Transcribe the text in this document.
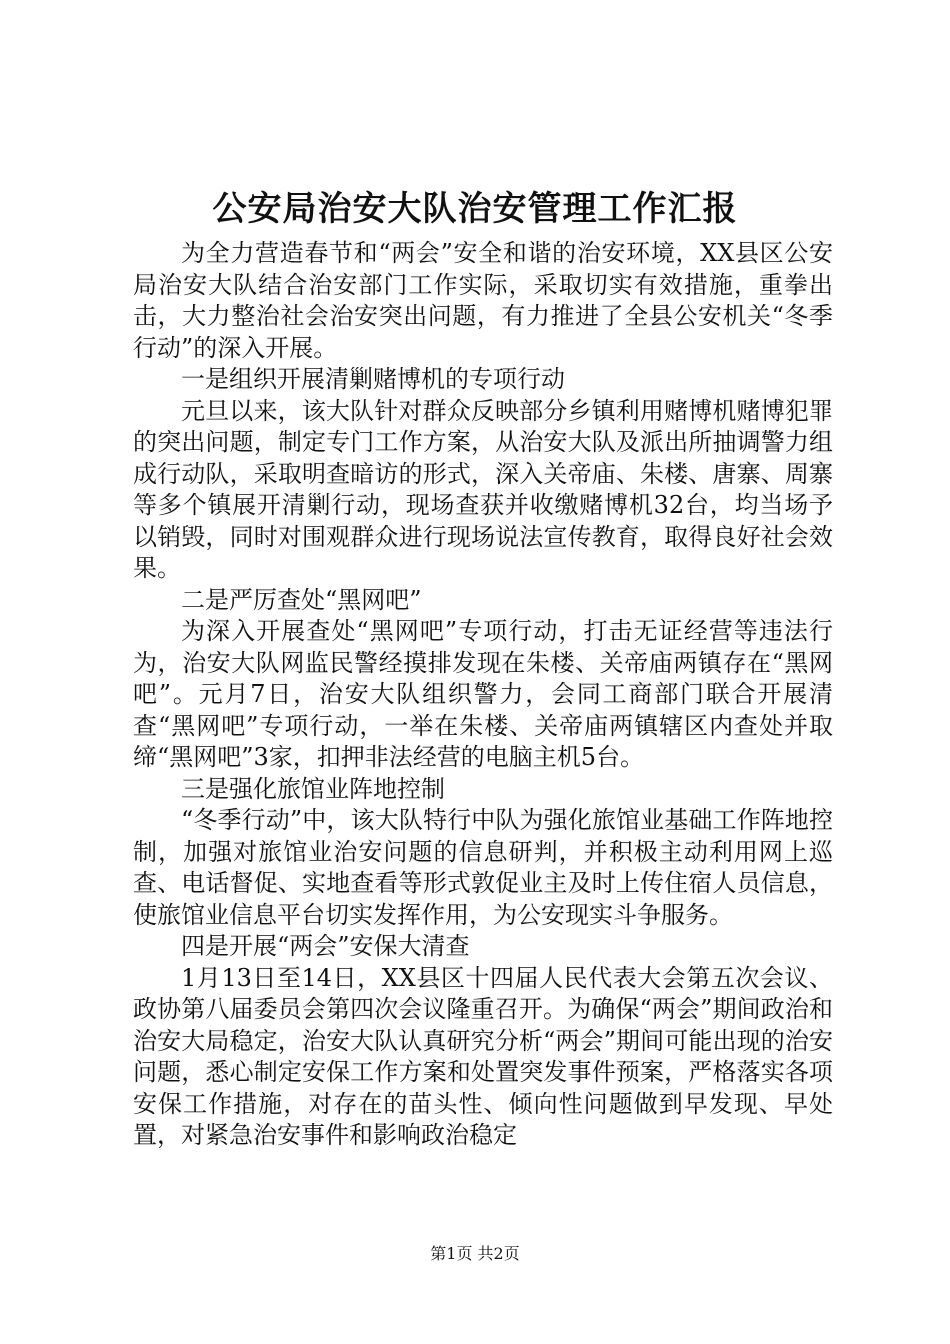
公安局治安大队治安管理工作汇报

为全力营造春节和“两会”安全和谐的治安环境，XX县区公安局治安大队结合治安部门工作实际，采取切实有效措施，重拳出击，大力整治社会治安突出问题，有力推进了全县公安机关“冬季行动”的深入开展。

一是组织开展清剿赌博机的专项行动

元旦以来，该大队针对群众反映部分乡镇利用赌博机赌博犯罪的突出问题，制定专门工作方案，从治安大队及派出所抽调警力组成行动队，采取明查暗访的形式，深入关帝庙、朱楼、唐寨、周寨等多个镇展开清剿行动，现场查获并收缴赌博机32台，均当场予以销毁，同时对围观群众进行现场说法宣传教育，取得良好社会效果。

二是严厉查处“黑网吧”

为深入开展查处“黑网吧”专项行动，打击无证经营等违法行为，治安大队网监民警经摸排发现在朱楼、关帝庙两镇存在“黑网吧”。元月7日，治安大队组织警力，会同工商部门联合开展清查“黑网吧”专项行动，一举在朱楼、关帝庙两镇辖区内查处并取缔“黑网吧”3家，扣押非法经营的电脑主机5台。

三是强化旅馆业阵地控制

“冬季行动”中，该大队特行中队为强化旅馆业基础工作阵地控制，加强对旅馆业治安问题的信息研判，并积极主动利用网上巡查、电话督促、实地查看等形式敦促业主及时上传住宿人员信息，使旅馆业信息平台切实发挥作用，为公安现实斗争服务。

四是开展“两会”安保大清查

1月13日至14日，XX县区十四届人民代表大会第五次会议、政协第八届委员会第四次会议隆重召开。为确保“两会”期间政治和治安大局稳定，治安大队认真研究分析“两会”期间可能出现的治安问题，悉心制定安保工作方案和处置突发事件预案，严格落实各项安保工作措施，对存在的苗头性、倾向性问题做到早发现、早处置，对紧急治安事件和影响政治稳定

第1页 共2页
